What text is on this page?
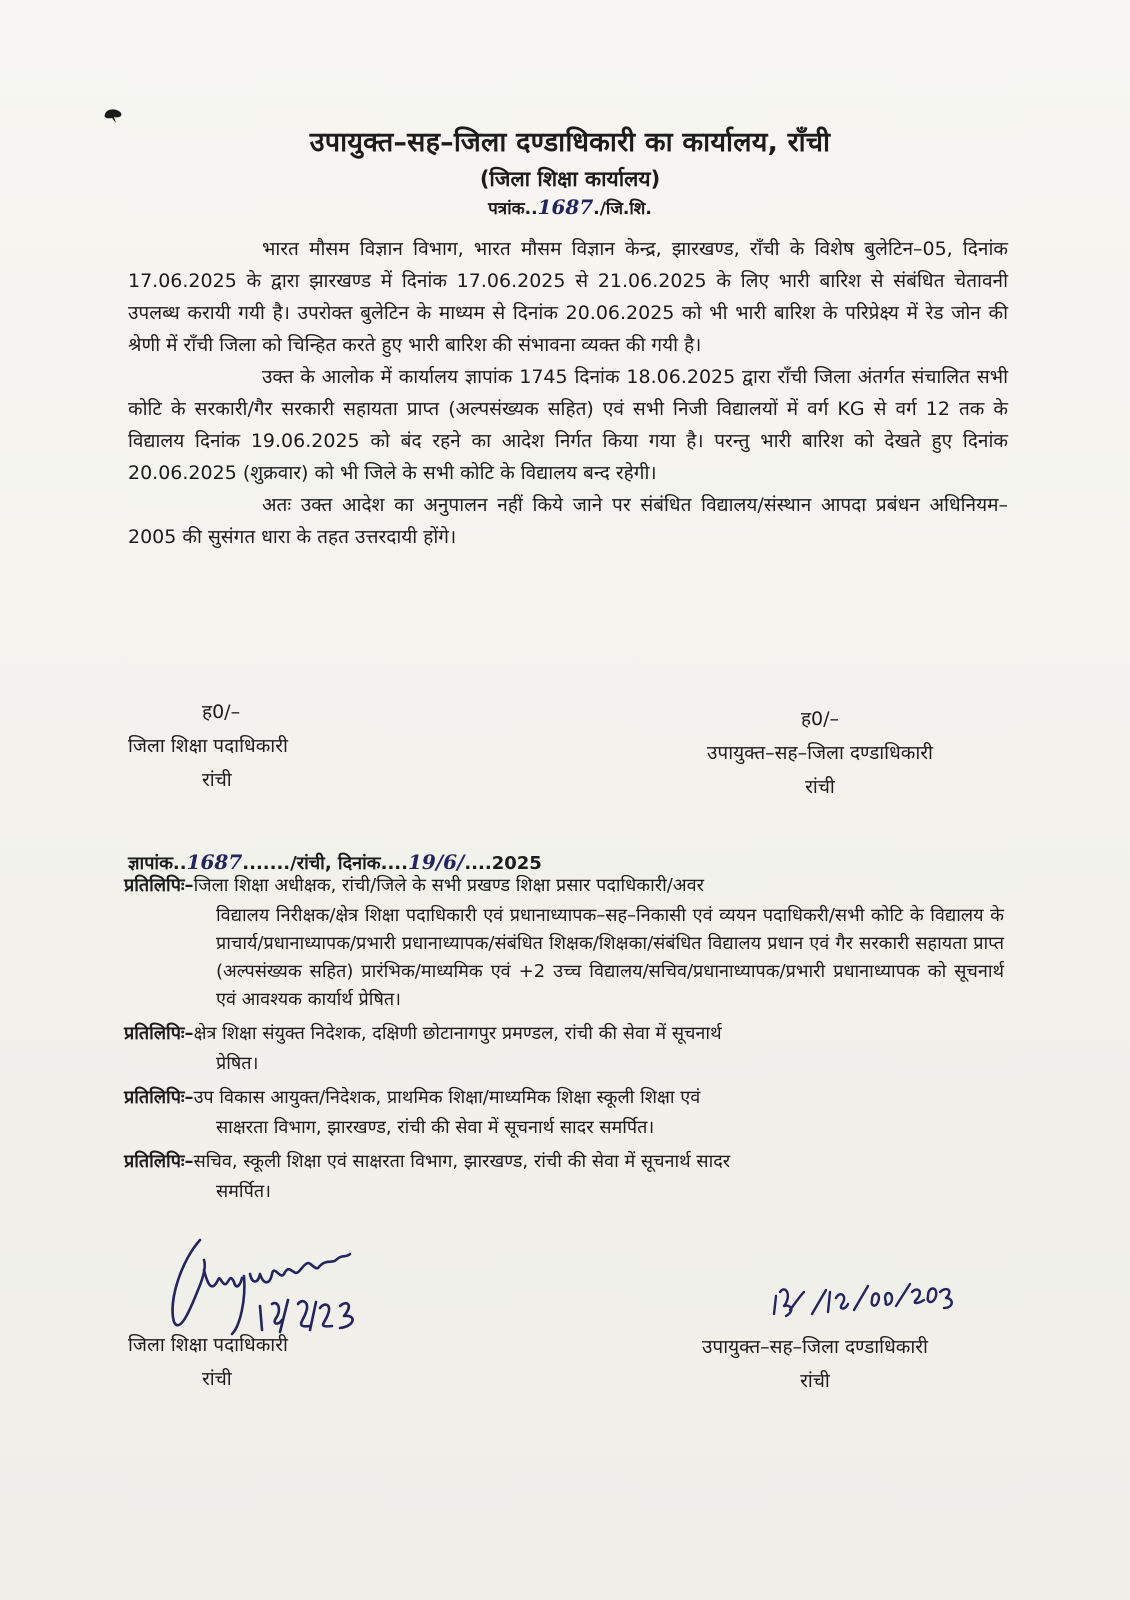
उपायुक्त–सह–जिला दण्डाधिकारी का कार्यालय, राँची
(जिला शिक्षा कार्यालय)
पत्रांक..1687./जि.शि.

भारत मौसम विज्ञान विभाग, भारत मौसम विज्ञान केन्द्र, झारखण्ड, राँची के विशेष बुलेटिन–05, दिनांक 17.06.2025 के द्वारा झारखण्ड में दिनांक 17.06.2025 से 21.06.2025 के लिए भारी बारिश से संबंधित चेतावनी उपलब्ध करायी गयी है। उपरोक्त बुलेटिन के माध्यम से दिनांक 20.06.2025 को भी भारी बारिश के परिप्रेक्ष्य में रेड जोन की श्रेणी में राँची जिला को चिन्हित करते हुए भारी बारिश की संभावना व्यक्त की गयी है।

उक्त के आलोक में कार्यालय ज्ञापांक 1745 दिनांक 18.06.2025 द्वारा राँची जिला अंतर्गत संचालित सभी कोटि के सरकारी/गैर सरकारी सहायता प्राप्त (अल्पसंख्यक सहित) एवं सभी निजी विद्यालयों में वर्ग KG से वर्ग 12 तक के विद्यालय दिनांक 19.06.2025 को बंद रहने का आदेश निर्गत किया गया है। परन्तु भारी बारिश को देखते हुए दिनांक 20.06.2025 (शुक्रवार) को भी जिले के सभी कोटि के विद्यालय बन्द रहेगी।

अतः उक्त आदेश का अनुपालन नहीं किये जाने पर संबंधित विद्यालय/संस्थान आपदा प्रबंधन अधिनियम–2005 की सुसंगत धारा के तहत उत्तरदायी होंगे।

ह0/–
जिला शिक्षा पदाधिकारी
रांची
ह0/–
उपायुक्त–सह–जिला दण्डाधिकारी
रांची
ज्ञापांक..1687......./रांची, दिनांक....19/6/....2025
प्रतिलिपिः– जिला शिक्षा अधीक्षक, रांची/जिले के सभी प्रखण्ड शिक्षा प्रसार पदाधिकारी/अवर
विद्यालय निरीक्षक/क्षेत्र शिक्षा पदाधिकारी एवं प्रधानाध्यापक–सह–निकासी एवं व्ययन पदाधिकरी/सभी कोटि के विद्यालय के प्राचार्य/प्रधानाध्यापक/प्रभारी प्रधानाध्यापक/संबंधित शिक्षक/शिक्षका/संबंधित विद्यालय प्रधान एवं गैर सरकारी सहायता प्राप्त (अल्पसंख्यक सहित) प्रारंभिक/माध्यमिक एवं +2 उच्च विद्यालय/सचिव/प्रधानाध्यापक/प्रभारी प्रधानाध्यापक को सूचनार्थ एवं आवश्यक कार्यार्थ प्रेषित।
प्रतिलिपिः– क्षेत्र शिक्षा संयुक्त निदेशक, दक्षिणी छोटानागपुर प्रमण्डल, रांची की सेवा में सूचनार्थ
प्रेषित।
प्रतिलिपिः– उप विकास आयुक्त/निदेशक, प्राथमिक शिक्षा/माध्यमिक शिक्षा स्कूली शिक्षा एवं
साक्षरता विभाग, झारखण्ड, रांची की सेवा में सूचनार्थ सादर समर्पित।
प्रतिलिपिः– सचिव, स्कूली शिक्षा एवं साक्षरता विभाग, झारखण्ड, रांची की सेवा में सूचनार्थ सादर
समर्पित।
जिला शिक्षा पदाधिकारी
रांची
उपायुक्त–सह–जिला दण्डाधिकारी
रांची
